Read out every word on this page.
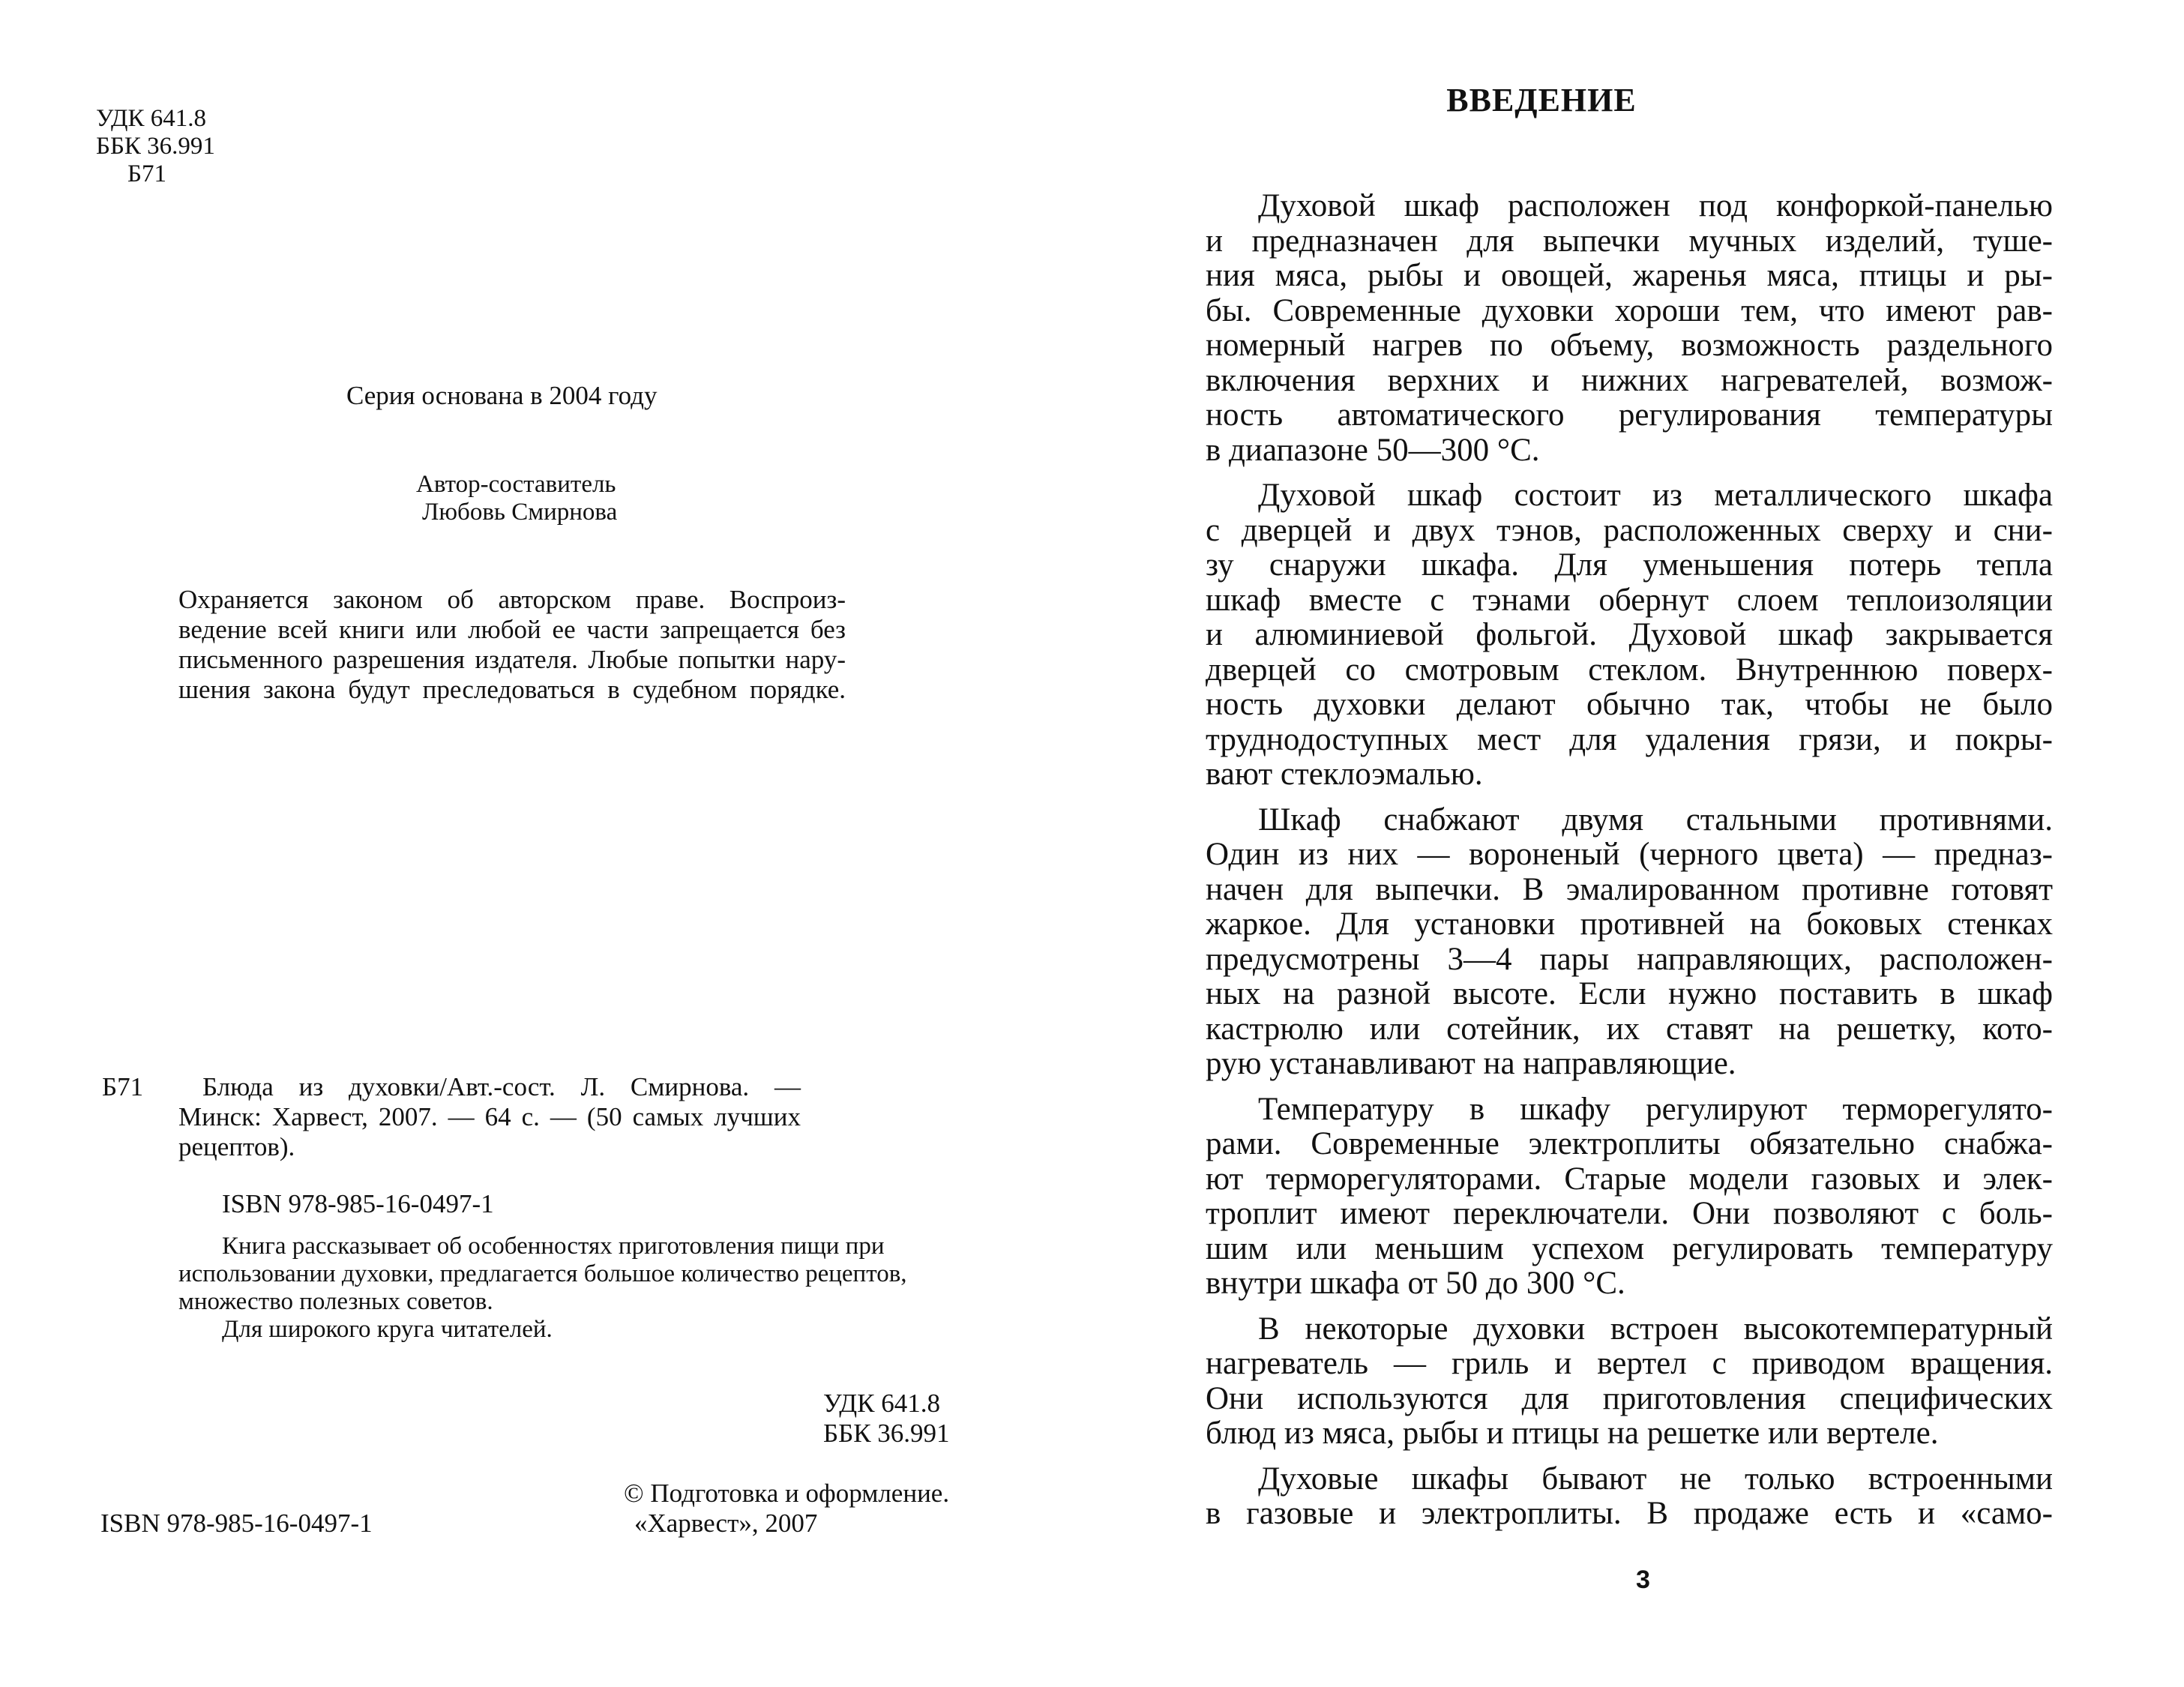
УДК 641.8
ББК 36.991
Б71
Серия основана в 2004 году
Автор-составитель
Любовь Смирнова
Охраняется законом об авторском праве. Воспроиз-
ведение всей книги или любой ее части запрещается без
письменного разрешения издателя. Любые попытки нару-
шения закона будут преследоваться в судебном порядке.
Б71	Блюда из духовки/Авт.-сост. Л. Смирнова. —
Минск: Харвест, 2007. — 64 с. — (50 самых лучших
рецептов).
ISBN 978-985-16-0497-1
Книга рассказывает об особенностях приготовления пищи при
использовании духовки, предлагается большое количество рецептов,
множество полезных советов.
Для широкого круга читателей.
УДК 641.8
ББК 36.991
ISBN 978-985-16-0497-1
© Подготовка и оформление.
«Харвест», 2007
ВВЕДЕНИЕ

Духовой шкаф расположен под конфоркой-панелью
и предназначен для выпечки мучных изделий, туше-
ния мяса, рыбы и овощей, жаренья мяса, птицы и ры-
бы. Современные духовки хороши тем, что имеют рав-
номерный нагрев по объему, возможность раздельного
включения верхних и нижних нагревателей, возмож-
ность автоматического регулирования температуры
в диапазоне 50—300 °С.

Духовой шкаф состоит из металлического шкафа
с дверцей и двух тэнов, расположенных сверху и сни-
зу снаружи шкафа. Для уменьшения потерь тепла
шкаф вместе с тэнами обернут слоем теплоизоляции
и алюминиевой фольгой. Духовой шкаф закрывается
дверцей со смотровым стеклом. Внутреннюю поверх-
ность духовки делают обычно так, чтобы не было
труднодоступных мест для удаления грязи, и покры-
вают стеклоэмалью.

Шкаф снабжают двумя стальными противнями.
Один из них — вороненый (черного цвета) — предназ-
начен для выпечки. В эмалированном противне готовят
жаркое. Для установки противней на боковых стенках
предусмотрены 3—4 пары направляющих, расположен-
ных на разной высоте. Если нужно поставить в шкаф
кастрюлю или сотейник, их ставят на решетку, кото-
рую устанавливают на направляющие.

Температуру в шкафу регулируют терморегулято-
рами. Современные электроплиты обязательно снабжа-
ют терморегуляторами. Старые модели газовых и элек-
троплит имеют переключатели. Они позволяют с боль-
шим или меньшим успехом регулировать температуру
внутри шкафа от 50 до 300 °С.

В некоторые духовки встроен высокотемпературный
нагреватель — гриль и вертел с приводом вращения.
Они используются для приготовления специфических
блюд из мяса, рыбы и птицы на решетке или вертеле.

Духовые шкафы бывают не только встроенными
в газовые и электроплиты. В продаже есть и «само-

3
